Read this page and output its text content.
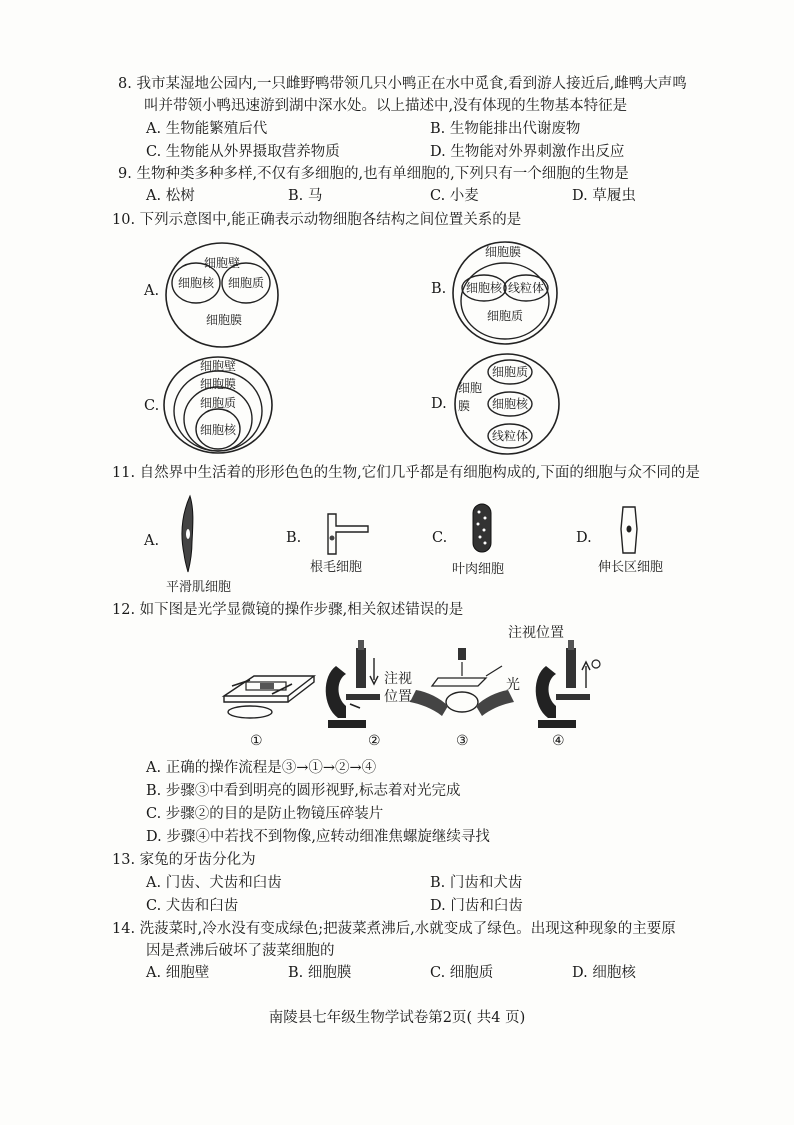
8. 我市某湿地公园内,一只雌野鸭带领几只小鸭正在水中觅食,看到游人接近后,雌鸭大声鸣
叫并带领小鸭迅速游到湖中深水处。以上描述中,没有体现的生物基本特征是
A. 生物能繁殖后代	B. 生物能排出代谢废物
C. 生物能从外界摄取营养物质	D. 生物能对外界刺激作出反应
9. 生物种类多种多样,不仅有多细胞的,也有单细胞的,下列只有一个细胞的生物是
A. 松树	B. 马	C. 小麦	D. 草履虫
10. 下列示意图中,能正确表示动物细胞各结构之间位置关系的是
A.	B.
C.	D.
细胞壁
细胞核 细胞质
细胞膜
细胞膜
细胞核 线粒体
细胞质
细胞壁
细胞膜
细胞质
细胞核
细胞
膜
细胞质
细胞核
线粒体
11. 自然界中生活着的形形色色的生物,它们几乎都是有细胞构成的,下面的细胞与众不同的是
A.	B.	C.	D.
平滑肌细胞
根毛细胞	叶肉细胞	伸长区细胞
12. 如下图是光学显微镜的操作步骤,相关叙述错误的是
注视位置
注视
位置
光
①	②	③	④
A. 正确的操作流程是③→①→②→④
B. 步骤③中看到明亮的圆形视野,标志着对光完成
C. 步骤②的目的是防止物镜压碎装片
D. 步骤④中若找不到物像,应转动细准焦螺旋继续寻找
13. 家兔的牙齿分化为
A. 门齿、犬齿和臼齿	B. 门齿和犬齿
C. 犬齿和臼齿	D. 门齿和臼齿
14. 洗菠菜时,冷水没有变成绿色;把菠菜煮沸后,水就变成了绿色。出现这种现象的主要原
因是煮沸后破坏了菠菜细胞的
A. 细胞壁	B. 细胞膜	C. 细胞质	D. 细胞核
南陵县七年级生物学试卷第2页( 共4 页)
